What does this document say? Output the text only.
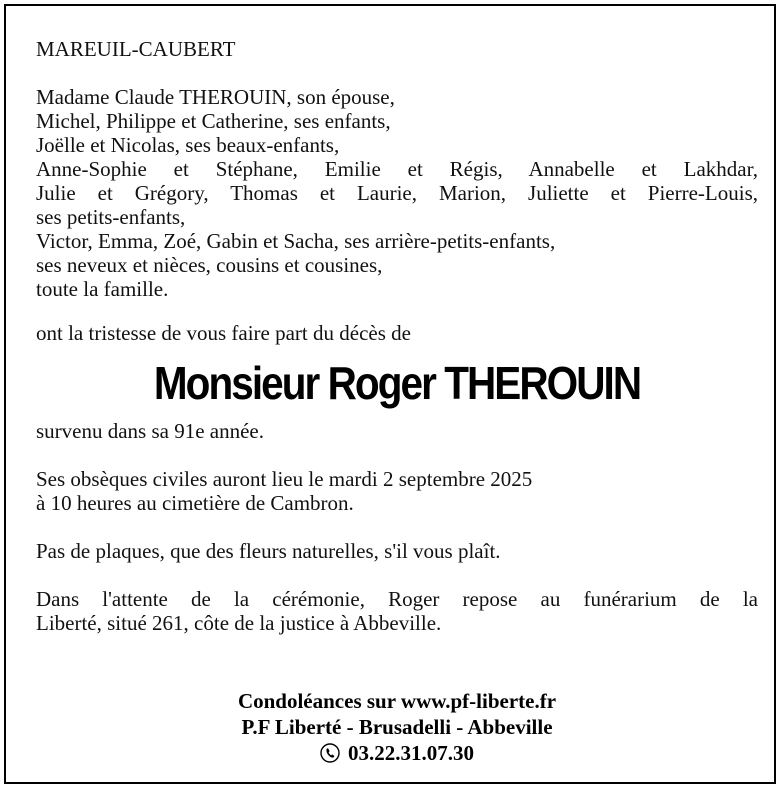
MAREUIL-CAUBERT
Madame Claude THEROUIN, son épouse,
Michel, Philippe et Catherine, ses enfants,
Joëlle et Nicolas, ses beaux-enfants,
Anne-Sophie et Stéphane, Emilie et Régis, Annabelle et Lakhdar,
Julie et Grégory, Thomas et Laurie, Marion, Juliette et Pierre-Louis,
ses petits-enfants,
Victor, Emma, Zoé, Gabin et Sacha, ses arrière-petits-enfants,
ses neveux et nièces, cousins et cousines,
toute la famille.
ont la tristesse de vous faire part du décès de
Monsieur Roger THEROUIN
survenu dans sa 91e année.
Ses obsèques civiles auront lieu le mardi 2 septembre 2025
à 10 heures au cimetière de Cambron.
Pas de plaques, que des fleurs naturelles, s'il vous plaît.
Dans l'attente de la cérémonie, Roger repose au funérarium de la
Liberté, situé 261, côte de la justice à Abbeville.
Condoléances sur www.pf-liberte.fr
P.F Liberté - Brusadelli - Abbeville
03.22.31.07.30
